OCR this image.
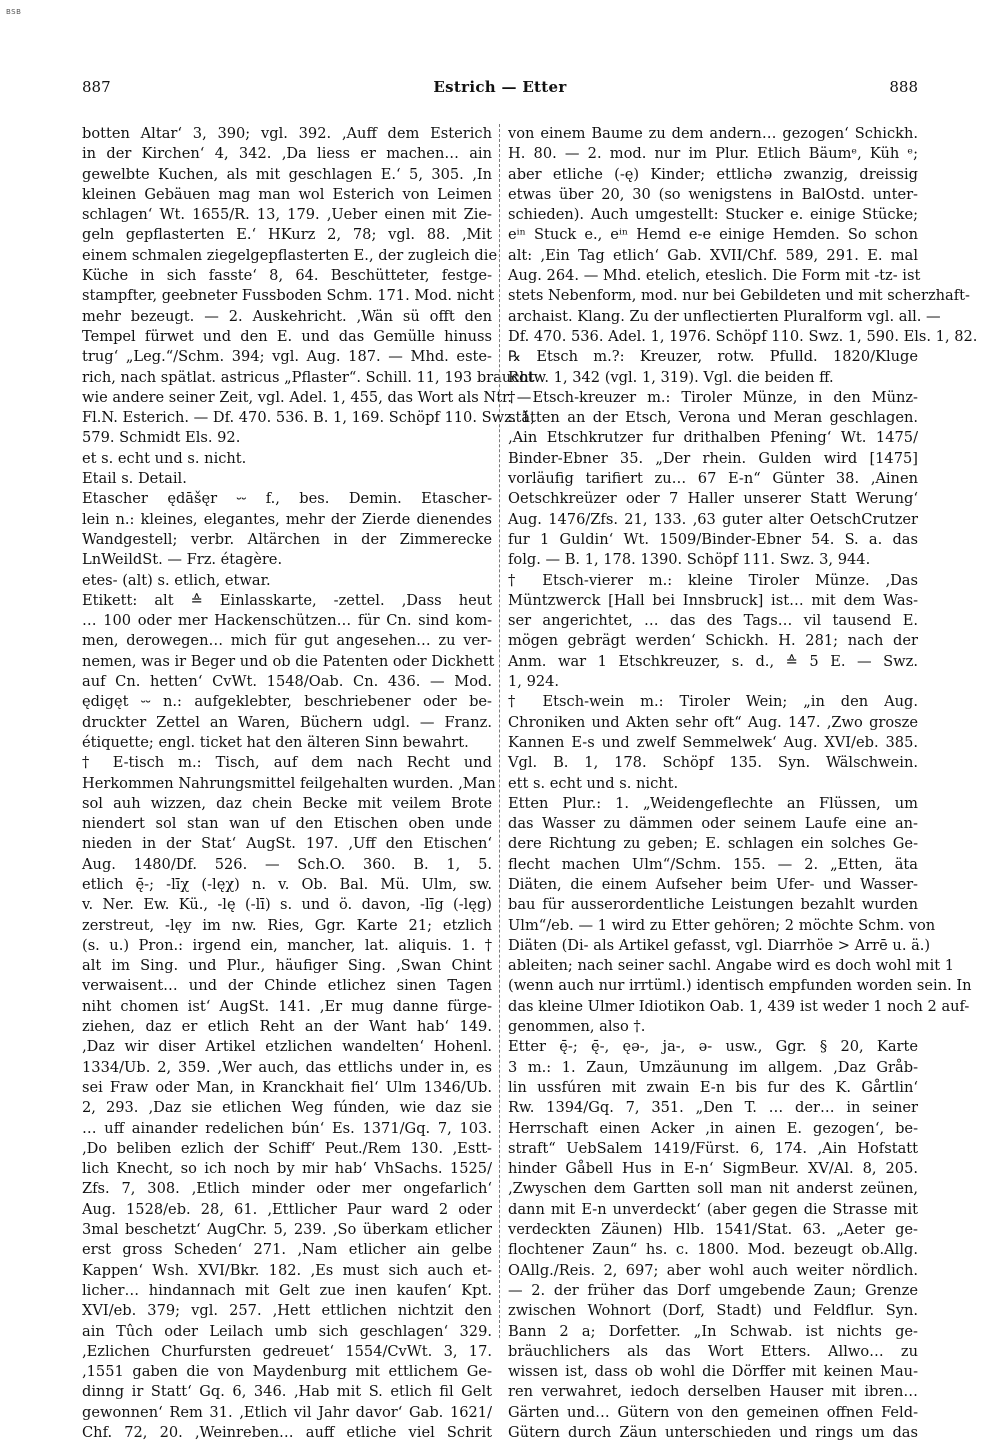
BSB
887	Estrich — Etter	888

botten Altar‘ 3, 390; vgl. 392. ‚Auff dem Esterich

in der Kirchen‘ 4, 342. ‚Da liess er machen… ain

gewelbte Kuchen, als mit geschlagen E.‘ 5, 305. ‚In

kleinen Gebäuen mag man wol Esterich von Leimen

schlagen‘ Wt. 1655/R. 13, 179. ‚Ueber einen mit Zie-

geln gepflasterten E.‘ HKurz 2, 78; vgl. 88. ‚Mit

einem schmalen ziegelgepflasterten E., der zugleich die

Küche in sich fasste‘ 8, 64. Beschütteter, festge-

stampfter, geebneter Fussboden Schm. 171. Mod. nicht

mehr bezeugt. — 2. Auskehricht. ‚Wän sü offt den

Tempel fürwet und den E. und das Gemülle hinuss

trug‘ „Leg.“/Schm. 394; vgl. Aug. 187. — Mhd. este-

rich, nach spätlat. astricus „Pflaster“. Schill. 11, 193 braucht

wie andere seiner Zeit, vgl. Adel. 1, 455, das Wort als Ntr. —

Fl.N. Esterich. — Df. 470. 536. B. 1, 169. Schöpf 110. Swz. 1,

579. Schmidt Els. 92.

et s. echt und s. nicht.

Etail s. Detail.

Etascher ędāšęr ⏑⏑ f., bes. Demin. Etascher-

lein n.: kleines, elegantes, mehr der Zierde dienendes

Wandgestell; verbr. Altärchen in der Zimmerecke

LnWeildSt. — Frz. étagère.

etes- (alt) s. etlich, etwar.

Etikett: alt ≙ Einlasskarte, -zettel. ‚Dass heut

… 100 oder mer Hackenschützen… für Cn. sind kom-

men, derowegen… mich für gut angesehen… zu ver-

nemen, was ir Beger und ob die Patenten oder Dickhett

auf Cn. hetten‘ CvWt. 1548/Oab. Cn. 436. — Mod.

ędigęt ⏑⏑ n.: aufgeklebter, beschriebener oder be-

druckter Zettel an Waren, Büchern udgl. — Franz.

étiquette; engl. ticket hat den älteren Sinn bewahrt.

† E-tisch m.: Tisch, auf dem nach Recht und

Herkommen Nahrungsmittel feilgehalten wurden. ‚Man

sol auh wizzen, daz chein Becke mit veilem Brote

niendert sol stan wan uf den Etischen oben unde

nieden in der Stat‘ AugSt. 197. ‚Uff den Etischen‘

Aug. 1480/Df. 526. — Sch.O. 360. B. 1, 5.

etlich ę̄-; -līχ (-lęχ) n. v. Ob. Bal. Mü. Ulm, sw.

v. Ner. Ew. Kü., -lę (-lī) s. und ö. davon, -līg (-lęg)

zerstreut, -lęy im nw. Ries, Ggr. Karte 21; etzlich

(s. u.) Pron.: irgend ein, mancher, lat. aliquis. 1. †

alt im Sing. und Plur., häufiger Sing. ‚Swan Chint

verwaisent… und der Chinde etlichez sinen Tagen

niht chomen ist‘ AugSt. 141. ‚Er mug danne fürge-

ziehen, daz er etlich Reht an der Want hab‘ 149.

‚Daz wir diser Artikel etzlichen wandelten‘ Hohenl.

1334/Ub. 2, 359. ‚Wer auch, das ettlichs under in, es

sei Fraw oder Man, in Kranckhait fiel‘ Ulm 1346/Ub.

2, 293. ‚Daz sie etlichen Weg fúnden, wie daz sie

… uff ainander redelichen bún‘ Es. 1371/Gq. 7, 103.

‚Do beliben ezlich der Schiff‘ Peut./Rem 130. ‚Estt-

lich Knecht, so ich noch by mir hab‘ VhSachs. 1525/

Zfs. 7, 308. ‚Etlich minder oder mer ongefarlich‘

Aug. 1528/eb. 28, 61. ‚Ettlicher Paur ward 2 oder

3mal beschetzt‘ AugChr. 5, 239. ‚So überkam etlicher

erst gross Scheden‘ 271. ‚Nam etlicher ain gelbe

Kappen‘ Wsh. XVI/Bkr. 182. ‚Es must sich auch et-

licher… hindannach mit Gelt zue inen kaufen‘ Kpt.

XVI/eb. 379; vgl. 257. ‚Hett ettlichen nichtzit den

ain Tûch oder Leilach umb sich geschlagen‘ 329.

‚Ezlichen Churfursten gedreuet‘ 1554/CvWt. 3, 17.

‚1551 gaben die von Maydenburg mit ettlichem Ge-

dinng ir Statt‘ Gq. 6, 346. ‚Hab mit S. etlich fil Gelt

gewonnen‘ Rem 31. ‚Etlich vil Jahr davor‘ Gab. 1621/

Chf. 72, 20. ‚Weinreben… auff etliche viel Schrit

von einem Baume zu dem andern… gezogen‘ Schickh.

H. 80. — 2. mod. nur im Plur. Etlich Bäumᵉ, Küh ᵉ;

aber etliche (-ę) Kinder; ettlichə zwanzig, dreissig

etwas über 20, 30 (so wenigstens in BalOstd. unter-

schieden). Auch umgestellt: Stucker e. einige Stücke;

eⁱⁿ Stuck e., eⁱⁿ Hemd e-e einige Hemden. So schon

alt: ‚Ein Tag etlich‘ Gab. XVII/Chf. 589, 291. E. mal

Aug. 264. — Mhd. etelich, eteslich. Die Form mit -tz- ist

stets Nebenform, mod. nur bei Gebildeten und mit scherzhaft-

archaist. Klang. Zu der unflectierten Pluralform vgl. all. —

Df. 470. 536. Adel. 1, 1976. Schöpf 110. Swz. 1, 590. Els. 1, 82.

℞ Etsch m.?: Kreuzer, rotw. Pfulld. 1820/Kluge

Rotw. 1, 342 (vgl. 1, 319). Vgl. die beiden ff.

† Etsch-kreuzer m.: Tiroler Münze, in den Münz-

stätten an der Etsch, Verona und Meran geschlagen.

‚Ain Etschkrutzer fur drithalben Pfening‘ Wt. 1475/

Binder-Ebner 35. „Der rhein. Gulden wird [1475]

vorläufig tarifiert zu… 67 E-n“ Günter 38. ‚Ainen

Oetschkreüzer oder 7 Haller unserer Statt Werung‘

Aug. 1476/Zfs. 21, 133. ‚63 guter alter OetschCrutzer

fur 1 Guldin‘ Wt. 1509/Binder-Ebner 54. S. a. das

folg. — B. 1, 178. 1390. Schöpf 111. Swz. 3, 944.

† Etsch-vierer m.: kleine Tiroler Münze. ‚Das

Müntzwerck [Hall bei Innsbruck] ist… mit dem Was-

ser angerichtet, … das des Tags… vil tausend E.

mögen gebrägt werden‘ Schickh. H. 281; nach der

Anm. war 1 Etschkreuzer, s. d., ≙ 5 E. — Swz.

1, 924.

† Etsch-wein m.: Tiroler Wein; „in den Aug.

Chroniken und Akten sehr oft“ Aug. 147. ‚Zwo grosze

Kannen E-s und zwelf Semmelwek‘ Aug. XVI/eb. 385.

Vgl. B. 1, 178. Schöpf 135. Syn. Wälschwein.

ett s. echt und s. nicht.

Etten Plur.: 1. „Weidengeflechte an Flüssen, um

das Wasser zu dämmen oder seinem Laufe eine an-

dere Richtung zu geben; E. schlagen ein solches Ge-

flecht machen Ulm“/Schm. 155. — 2. „Etten, äta

Diäten, die einem Aufseher beim Ufer- und Wasser-

bau für ausserordentliche Leistungen bezahlt wurden

Ulm“/eb. — 1 wird zu Etter gehören; 2 möchte Schm. von

Diäten (Di- als Artikel gefasst, vgl. Diarrhöe > Arrē u. ä.)

ableiten; nach seiner sachl. Angabe wird es doch wohl mit 1

(wenn auch nur irrtüml.) identisch empfunden worden sein. In

das kleine Ulmer Idiotikon Oab. 1, 439 ist weder 1 noch 2 auf-

genommen, also †.

Etter ę̄-; ę̄-, ęə-, ja-, ə- usw., Ggr. § 20, Karte

3 m.: 1. Zaun, Umzäunung im allgem. ‚Daz Gråb-

lin ussfúren mit zwain E-n bis fur des K. Gårtlin‘

Rw. 1394/Gq. 7, 351. „Den T. … der… in seiner

Herrschaft einen Acker ‚in ainen E. gezogen‘, be-

straft“ UebSalem 1419/Fürst. 6, 174. ‚Ain Hofstatt

hinder Gåbell Hus in E-n‘ SigmBeur. XV/Al. 8, 205.

‚Zwyschen dem Gartten soll man nit anderst zeünen,

dann mit E-n unverdeckt‘ (aber gegen die Strasse mit

verdeckten Zäunen) Hlb. 1541/Stat. 63. „Aeter ge-

flochtener Zaun“ hs. c. 1800. Mod. bezeugt ob.Allg.

OAllg./Reis. 2, 697; aber wohl auch weiter nördlich.

— 2. der früher das Dorf umgebende Zaun; Grenze

zwischen Wohnort (Dorf, Stadt) und Feldflur. Syn.

Bann 2 a; Dorfetter. „In Schwab. ist nichts ge-

bräuchlichers als das Wort Etters. Allwo… zu

wissen ist, dass ob wohl die Dörffer mit keinen Mau-

ren verwahret, iedoch derselben Hauser mit ibren…

Gärten und… Gütern von den gemeinen offnen Feld-

Gütern durch Zäun unterschieden und rings um das
